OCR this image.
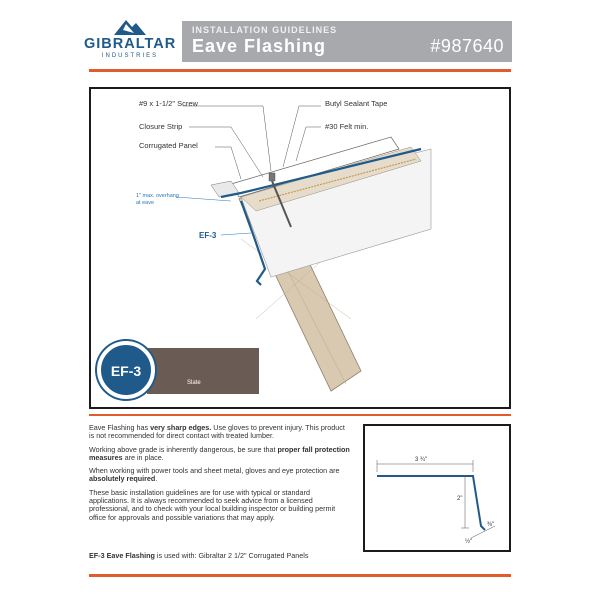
GIBRALTAR
INDUSTRIES
INSTALLATION GUIDELINES
Eave Flashing	#987640
#9 x 1-1/2" Screw
Closure Strip
Corrugated Panel
Butyl Sealant Tape
#30 Felt min.
1" max. overhang
at eave
EF-3
Slate
EF-3

Eave Flashing has very sharp edges. Use gloves to prevent injury. This product is not recommended for direct contact with treated lumber.

Working above grade is inherently dangerous, be sure that proper fall protection measures are in place.

When working with power tools and sheet metal, gloves and eye protection are absolutely required.

These basic installation guidelines are for use with typical or standard applications. It is always recommended to seek advice from a licensed professional, and to check with your local building inspector or building permit office for approvals and possible variations that may apply.

EF-3 Eave Flashing is used with: Gibraltar 2 1/2" Corrugated Panels
3 ¾"
2"
⅜"
½"
